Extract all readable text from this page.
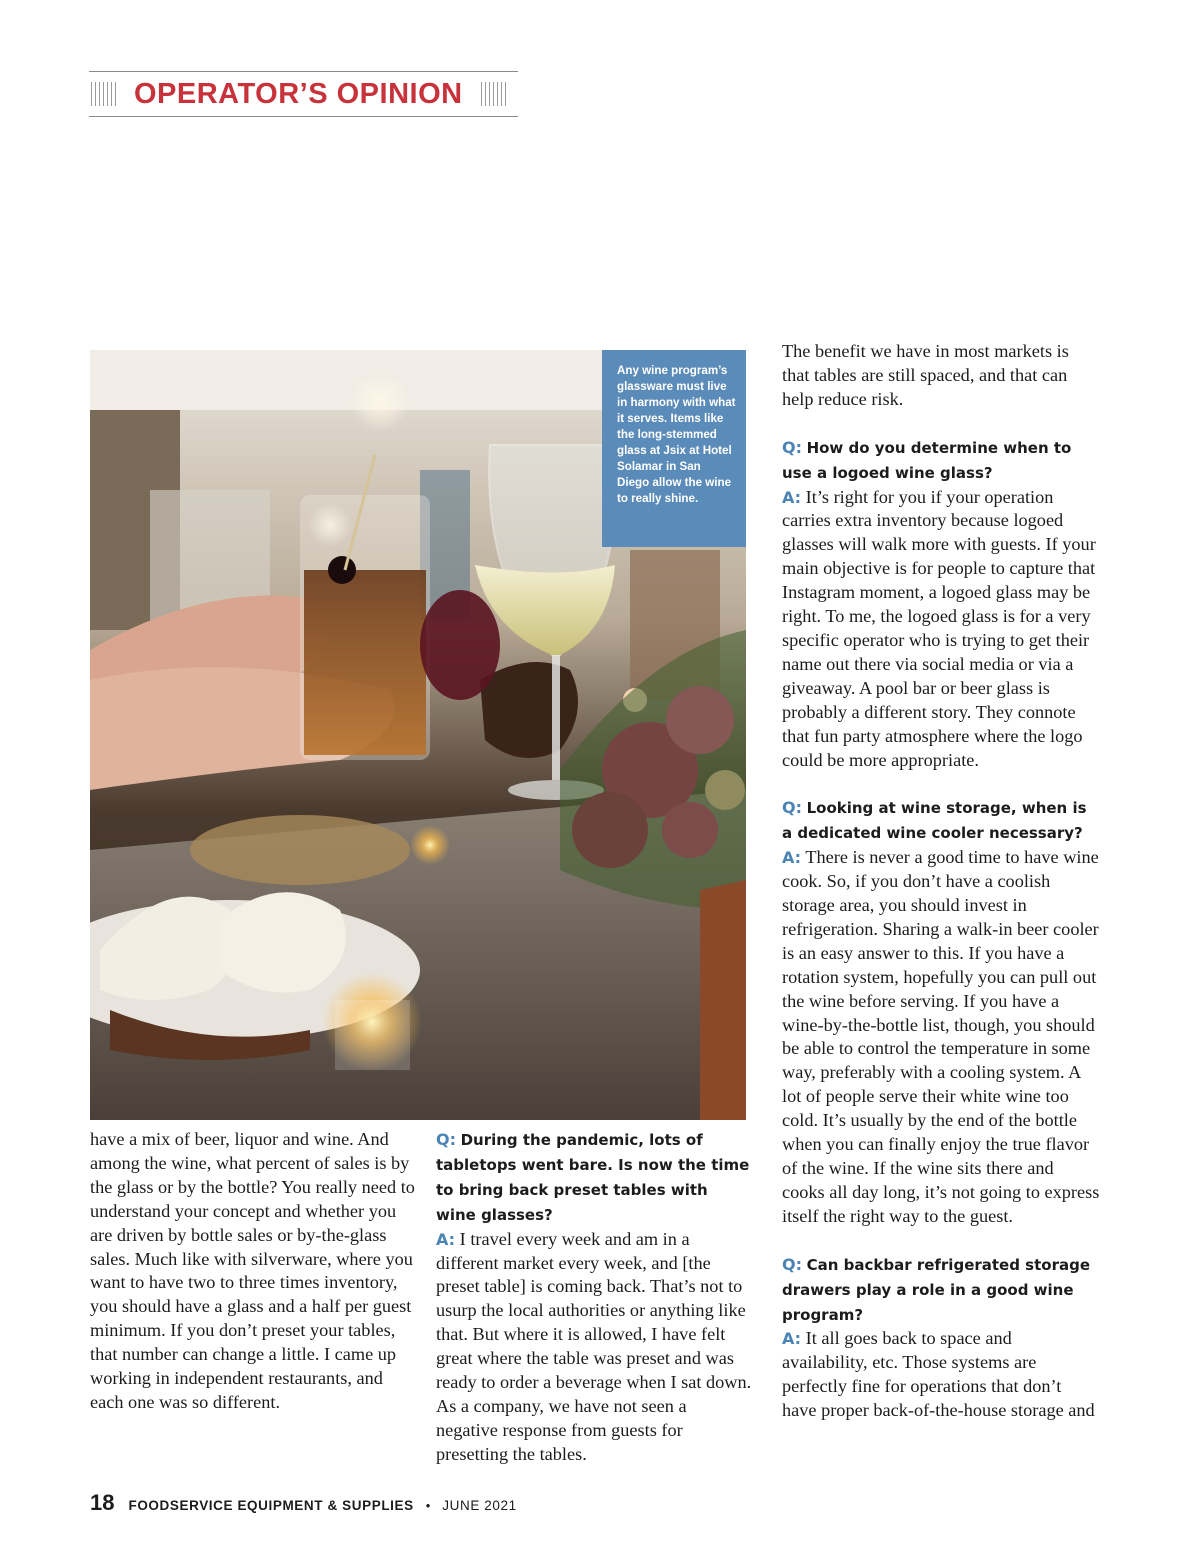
OPERATOR’S OPINION
Any wine program’s glassware must live in harmony with what it serves. Items like the long-stemmed glass at Jsix at Hotel Solamar in San Diego allow the wine to really shine.

have a mix of beer, liquor and wine. And among the wine, what percent of sales is by the glass or by the bottle? You really need to understand your concept and whether you are driven by bottle sales or by-the-glass sales. Much like with silverware, where you want to have two to three times inventory, you should have a glass and a half per guest minimum. If you don’t preset your tables, that number can change a little. I came up working in independent restaurants, and each one was so different.

Q: During the pandemic, lots of tabletops went bare. Is now the time to bring back preset tables with wine glasses?

A: I travel every week and am in a different market every week, and [the preset table] is coming back. That’s not to usurp the local authorities or anything like that. But where it is allowed, I have felt great where the table was preset and was ready to order a beverage when I sat down. As a company, we have not seen a negative response from guests for presetting the tables.

The benefit we have in most markets is that tables are still spaced, and that can help reduce risk.

Q: How do you determine when to use a logoed wine glass?

A: It’s right for you if your operation carries extra inventory because logoed glasses will walk more with guests. If your main objective is for people to capture that Instagram moment, a logoed glass may be right. To me, the logoed glass is for a very specific operator who is trying to get their name out there via social media or via a giveaway. A pool bar or beer glass is probably a different story. They connote that fun party atmosphere where the logo could be more appropriate.

Q: Looking at wine storage, when is a dedicated wine cooler necessary?

A: There is never a good time to have wine cook. So, if you don’t have a coolish storage area, you should invest in refrigeration. Sharing a walk-in beer cooler is an easy answer to this. If you have a rotation system, hopefully you can pull out the wine before serving. If you have a wine-by-the-bottle list, though, you should be able to control the temperature in some way, preferably with a cooling system. A lot of people serve their white wine too cold. It’s usually by the end of the bottle when you can finally enjoy the true flavor of the wine. If the wine sits there and cooks all day long, it’s not going to express itself the right way to the guest.

Q: Can backbar refrigerated storage drawers play a role in a good wine program?

A: It all goes back to space and availability, etc. Those systems are perfectly fine for operations that don’t have proper back-of-the-house storage and

18 FOODSERVICE EQUIPMENT & SUPPLIES • JUNE 2021
